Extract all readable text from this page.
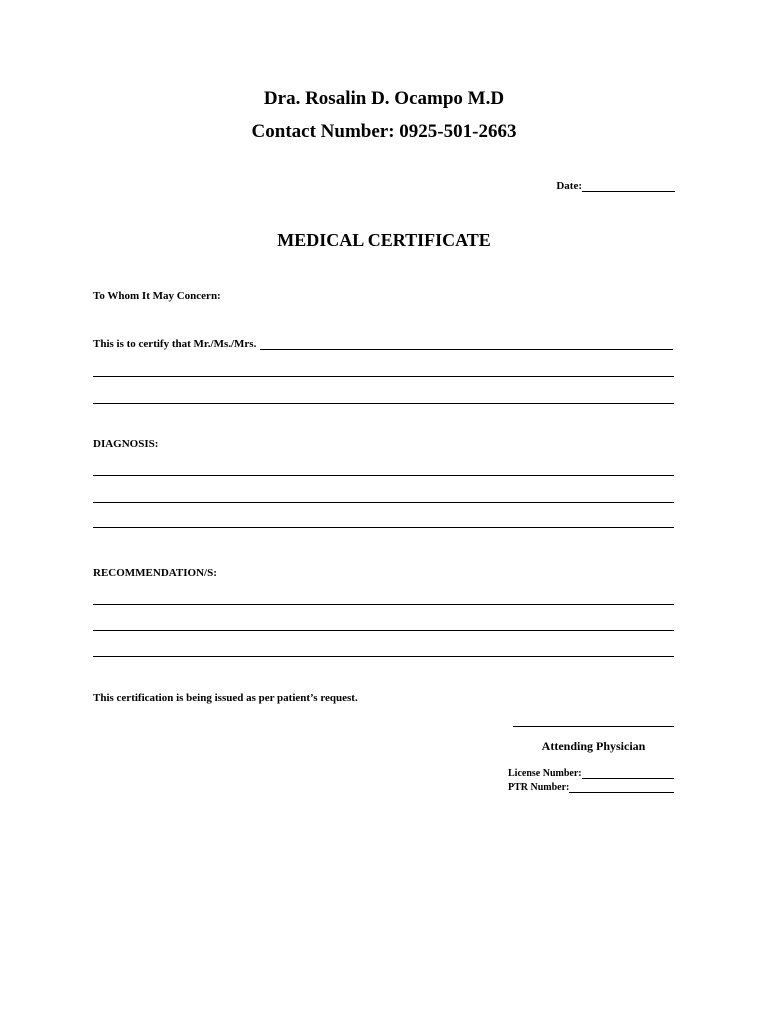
Dra. Rosalin D. Ocampo M.D
Contact Number: 0925-501-2663
Date:
MEDICAL CERTIFICATE
To Whom It May Concern:
This is to certify that Mr./Ms./Mrs.
DIAGNOSIS:
RECOMMENDATION/S:
This certification is being issued as per patient’s request.
Attending Physician
License Number:
PTR Number:
